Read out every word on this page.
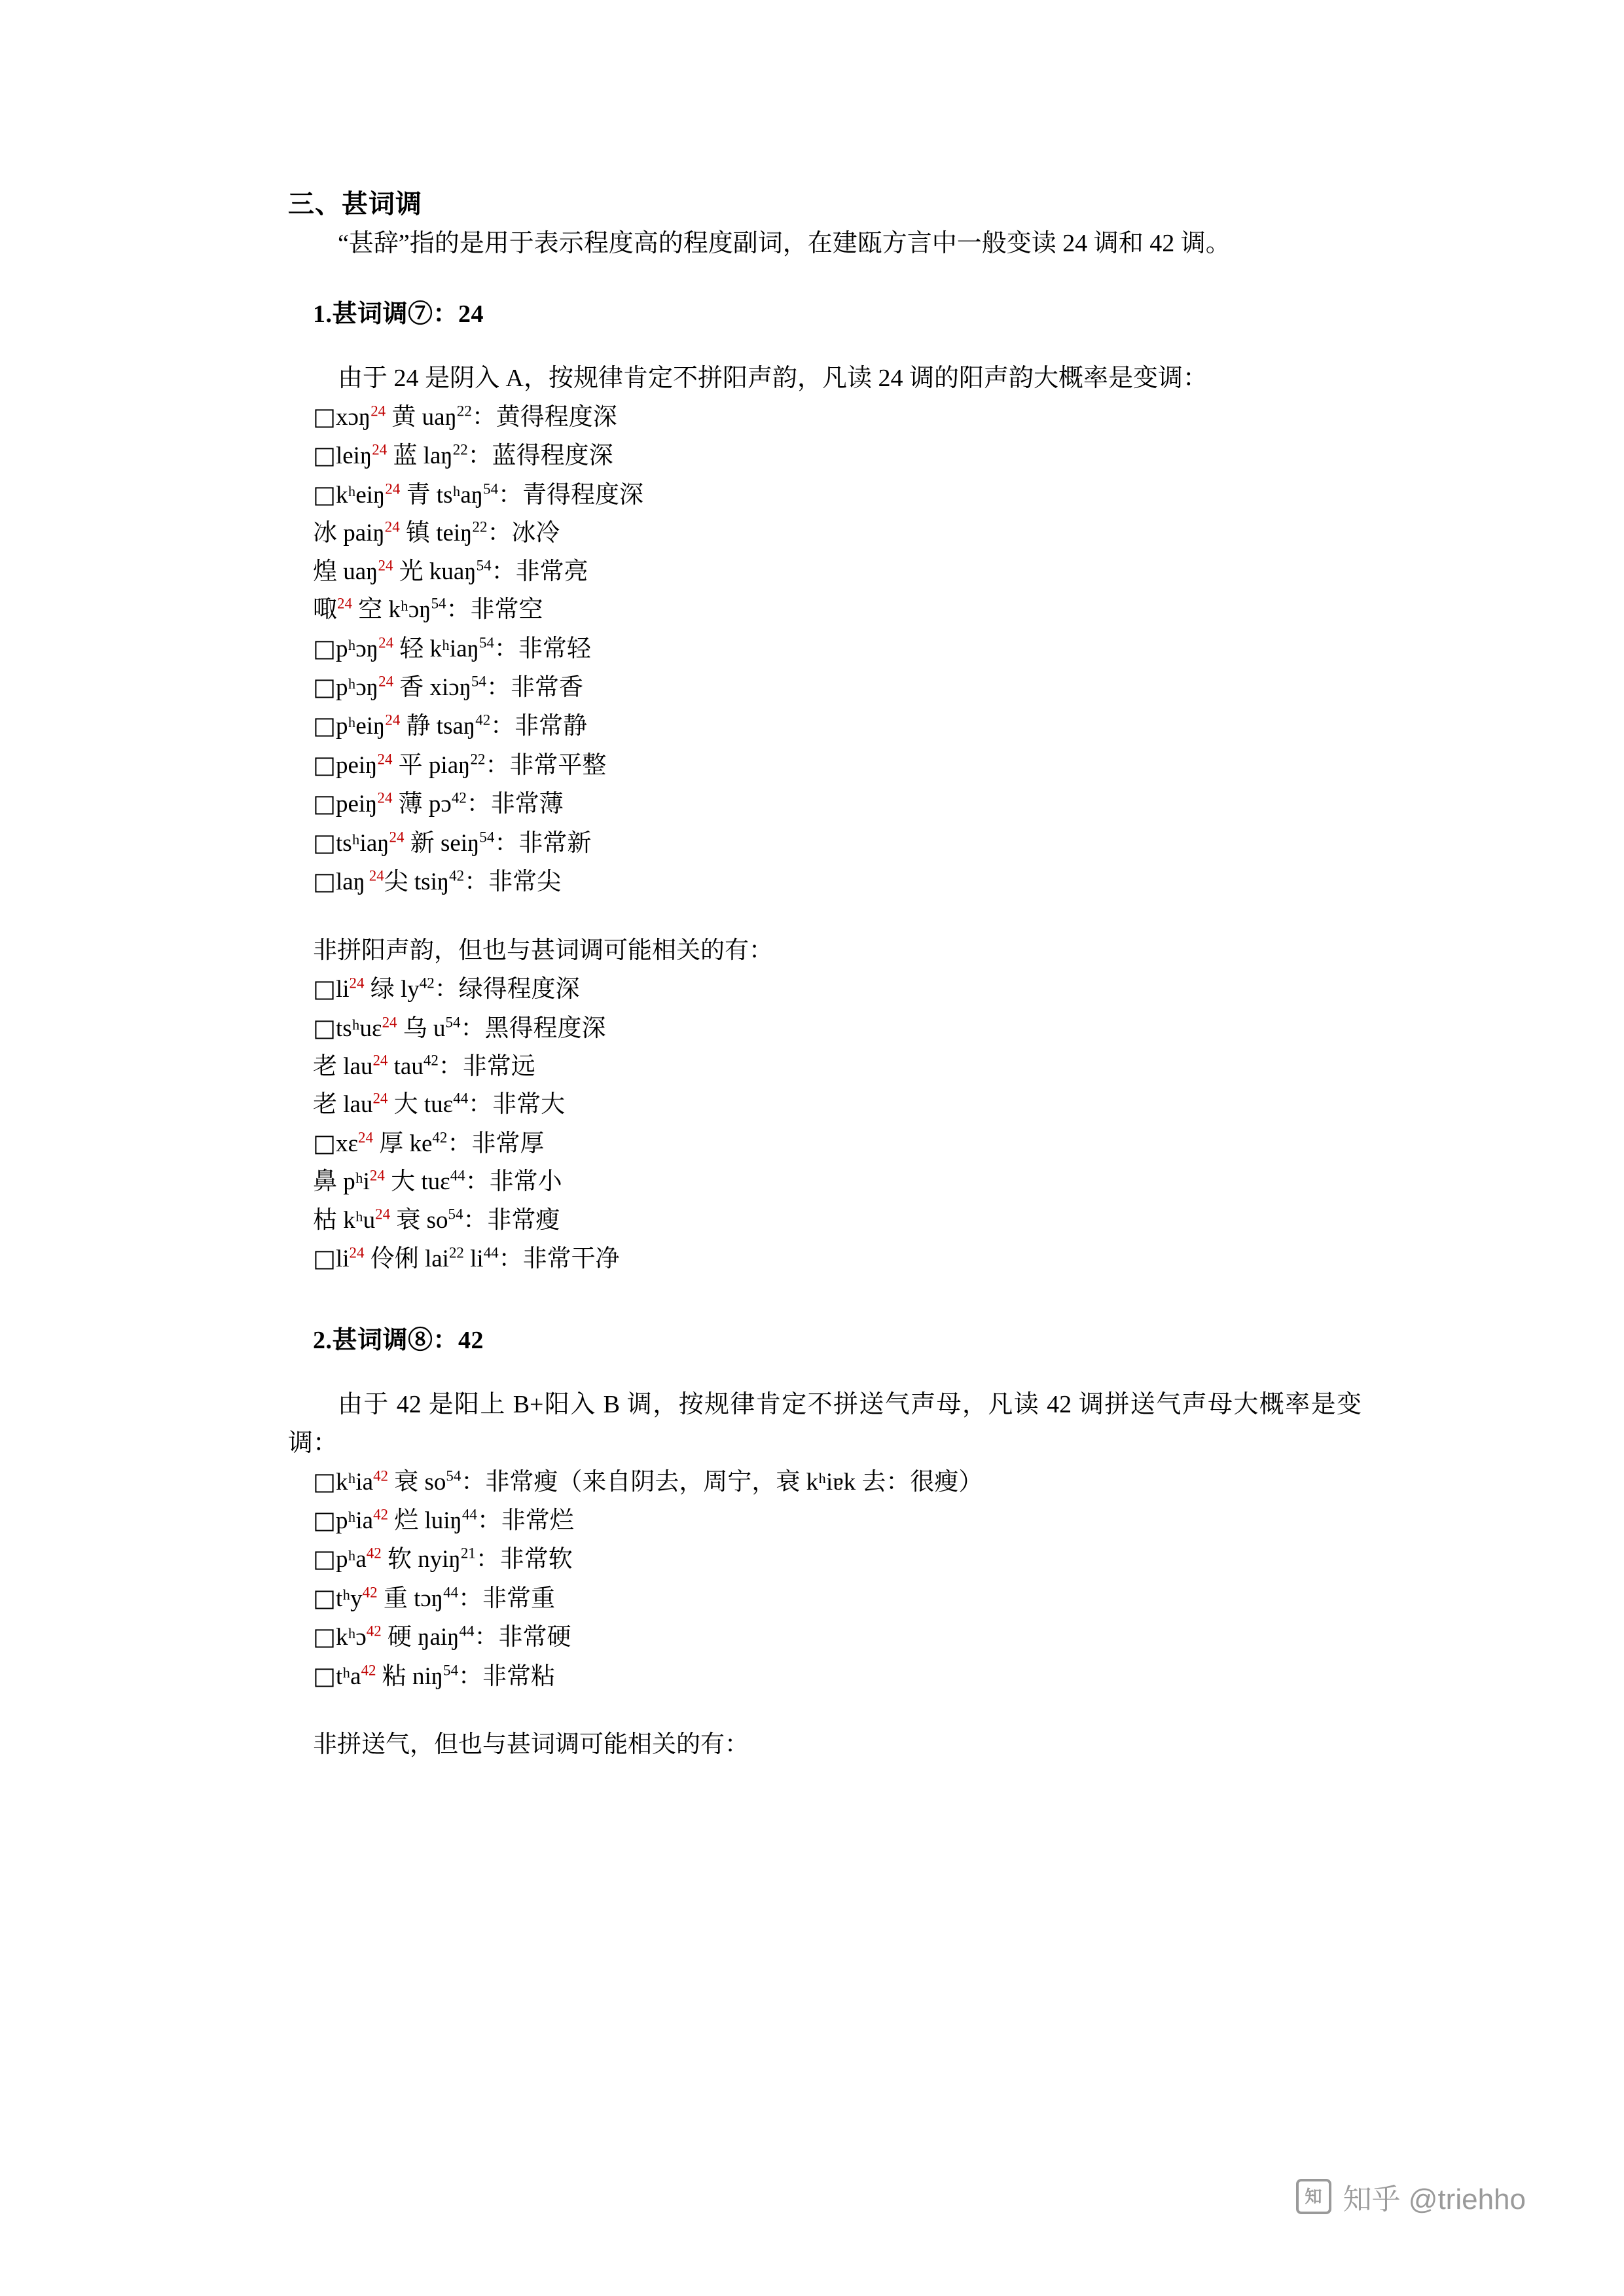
三、甚词调

“甚辞”指的是用于表示程度高的程度副词，在建瓯方言中一般变读 24 调和 42 调。

1.甚词调⑦：24

由于 24 是阴入 A，按规律肯定不拼阳声韵，凡读 24 调的阳声韵大概率是变调：

□xɔŋ$^{24}$ 黄 uaŋ$^{22}$：黄得程度深
□leiŋ$^{24}$ 蓝 laŋ$^{22}$：蓝得程度深
□kʰeiŋ$^{24}$ 青 tsʰaŋ$^{54}$：青得程度深
冰 paiŋ$^{24}$ 镇 teiŋ$^{22}$：冰冷
煌 uaŋ$^{24}$ 光 kuaŋ$^{54}$：非常亮
㖩$^{24}$ 空 kʰɔŋ$^{54}$：非常空
□pʰɔŋ$^{24}$ 轻 kʰiaŋ$^{54}$：非常轻
□pʰɔŋ$^{24}$ 香 xiɔŋ$^{54}$：非常香
□pʰeiŋ$^{24}$ 静 tsaŋ$^{42}$：非常静
□peiŋ$^{24}$ 平 piaŋ$^{22}$：非常平整
□peiŋ$^{24}$ 薄 pɔ$^{42}$：非常薄
□tsʰiaŋ$^{24}$ 新 seiŋ$^{54}$：非常新
□laŋ $^{24}$尖 tsiŋ$^{42}$：非常尖

非拼阳声韵，但也与甚词调可能相关的有：

$□li^{24}$ 绿 $ly^{42}$：绿得程度深
□tsʰuɛ$^{24}$ 乌 $u^{54}$：黑得程度深
老 lau$^{24}$ tau$^{42}$：非常远
老 lau$^{24}$ 大 tuɛ$^{44}$：非常大
□xɛ$^{24}$ 厚 $ke^{42}$：非常厚
鼻 pʰi$^{24}$ 大 tuɛ$^{44}$：非常小
枯 kʰu$^{24}$ 衰 $so^{54}$：非常瘦
$□li^{24}$ 伶俐 lai$^{22}$ $li^{44}$：非常干净
2.甚词调⑧：42

由于 42 是阳上 B+阳入 B 调，按规律肯定不拼送气声母，凡读 42 调拼送气声母大概率是变调：

□kʰia$^{42}$ 衰 $so^{54}$：非常瘦（来自阴去，周宁，衰 kʰiɐk 去：很瘦）
□pʰia$^{42}$ 烂 luiŋ$^{44}$：非常烂
□pʰa$^{42}$ 软 nyiŋ$^{21}$：非常软
□tʰy$^{42}$ 重 tɔŋ$^{44}$：非常重
□kʰɔ$^{42}$ 硬 ŋaiŋ$^{44}$：非常硬
□tʰa$^{42}$ 粘 niŋ$^{54}$：非常粘

非拼送气，但也与甚词调可能相关的有：

知 知乎 @triehho
